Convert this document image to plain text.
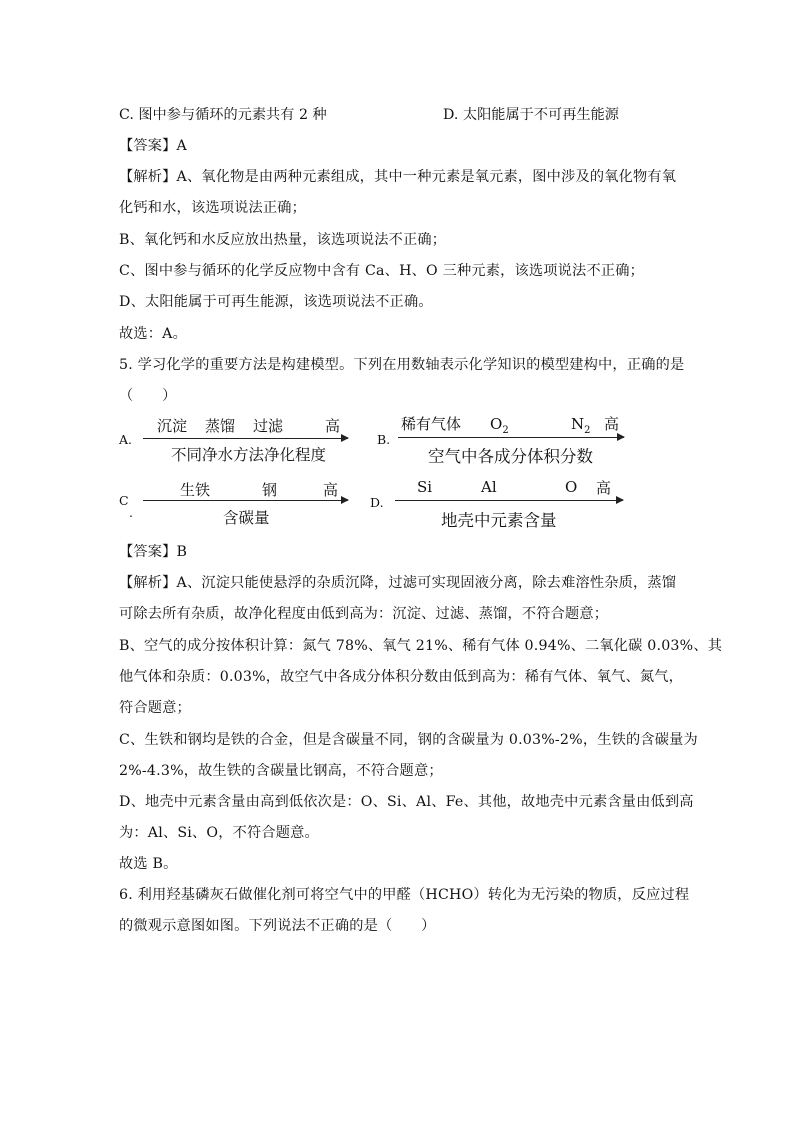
C. 图中参与循环的元素共有 2 种	D. 太阳能属于不可再生能源
【答案】A
【解析】A、氧化物是由两种元素组成，其中一种元素是氧元素，图中涉及的氧化物有氧
化钙和水，该选项说法正确；
B、氧化钙和水反应放出热量，该选项说法不正确；
C、图中参与循环的化学反应物中含有 Ca、H、O 三种元素，该选项说法不正确；
D、太阳能属于可再生能源，该选项说法不正确。
故选：A。
5. 学习化学的重要方法是构建模型。下列在用数轴表示化学知识的模型建构中，正确的是
（　　）
A.
沉淀 蒸馏 过滤	高
不同净水方法净化程度
B.
稀有气体 $O_2$	$N_2$ 高
空气中各成分体积分数
C
.
生铁	钢	高
含碳量
D.
Si	Al	O 高
地壳中元素含量
【答案】B
【解析】A、沉淀只能使悬浮的杂质沉降，过滤可实现固液分离，除去难溶性杂质，蒸馏
可除去所有杂质，故净化程度由低到高为：沉淀、过滤、蒸馏，不符合题意；
B、空气的成分按体积计算：氮气 78%、氧气 21%、稀有气体 0.94%、二氧化碳 0.03%、其
他气体和杂质：0.03%，故空气中各成分体积分数由低到高为：稀有气体、氧气、氮气，
符合题意；
C、生铁和钢均是铁的合金，但是含碳量不同，钢的含碳量为 0.03%-2%，生铁的含碳量为
2%-4.3%，故生铁的含碳量比钢高，不符合题意；
D、地壳中元素含量由高到低依次是：O、Si、Al、Fe、其他，故地壳中元素含量由低到高
为：Al、Si、O，不符合题意。
故选 B。
6. 利用羟基磷灰石做催化剂可将空气中的甲醛（HCHO）转化为无污染的物质，反应过程
的微观示意图如图。下列说法不正确的是（　　）
